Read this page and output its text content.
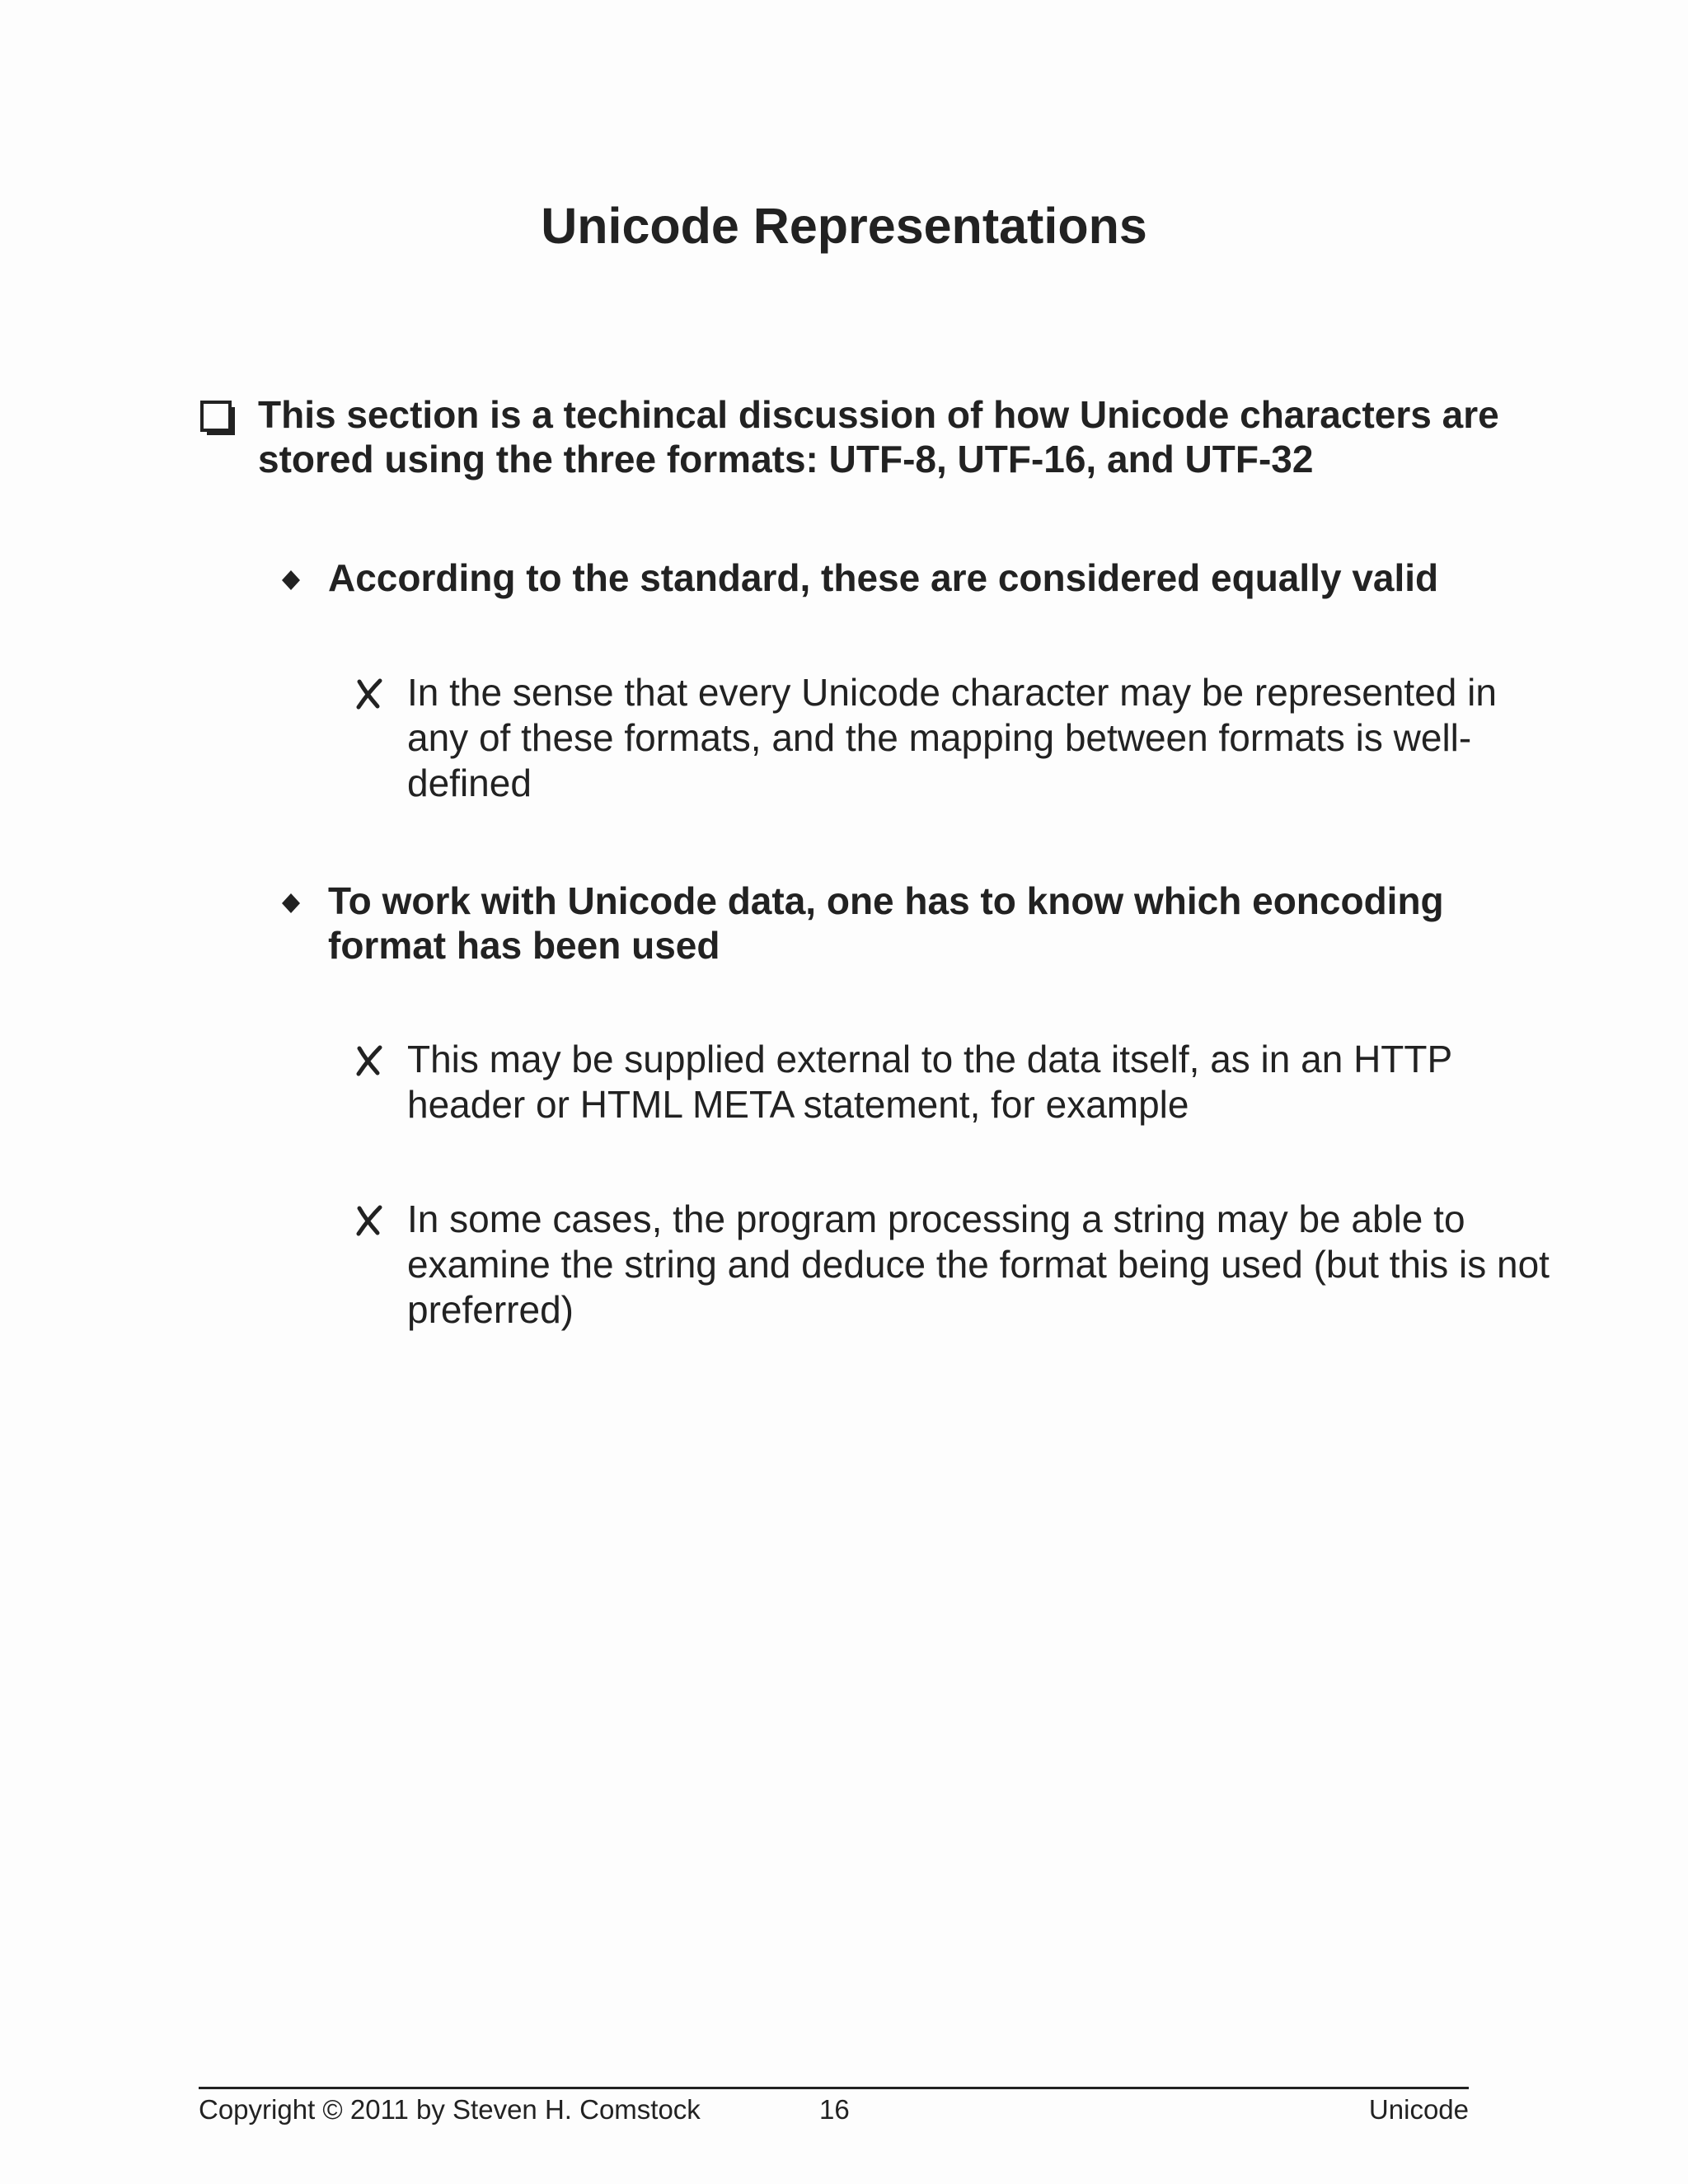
Unicode Representations
This section is a techincal discussion of how Unicode characters are stored using the three formats: UTF-8, UTF-16, and UTF-32
According to the standard, these are considered equally valid
In the sense that every Unicode character may be represented in any of these formats, and the mapping between formats is well-defined
To work with Unicode data, one has to know which eoncoding format has been used
This may be supplied external to the data itself, as in an HTTP header or HTML META statement, for example
In some cases, the program processing a string may be able to examine the string and deduce the format being used (but this is not preferred)
Copyright © 2011 by Steven H. Comstock	16	Unicode
